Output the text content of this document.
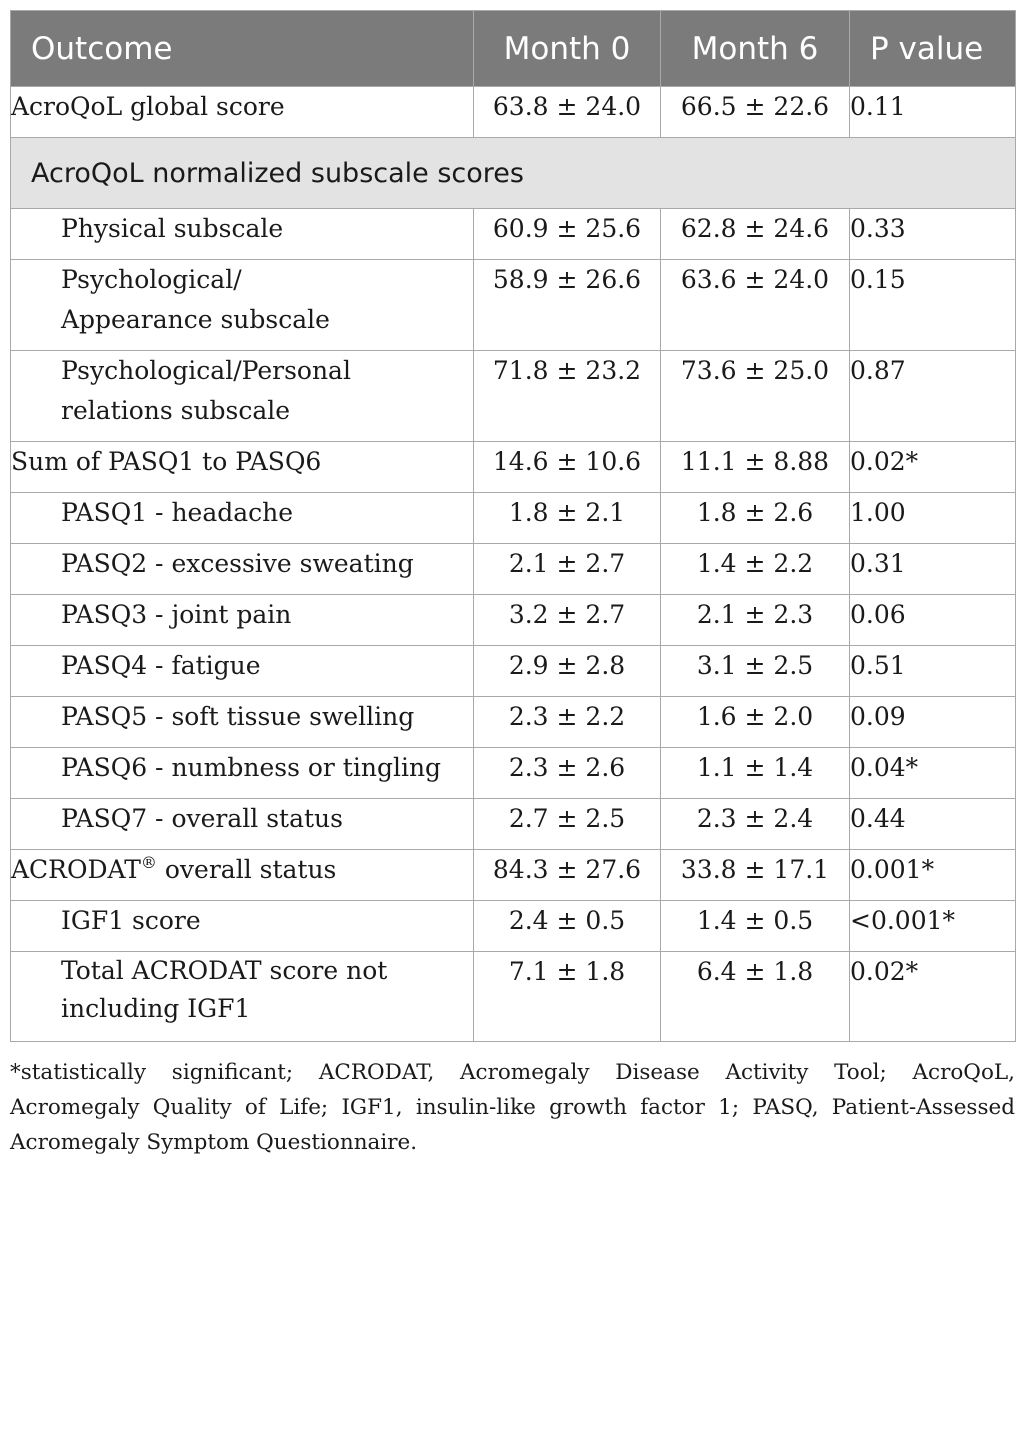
Outcome	Month 0	Month 6	P value
AcroQoL global score	63.8 ± 24.0	66.5 ± 22.6	0.11
AcroQoL normalized subscale scores			
Physical subscale	60.9 ± 25.6	62.8 ± 24.6	0.33
Psychological/
Appearance subscale	58.9 ± 26.6	63.6 ± 24.0	0.15
Psychological/Personal
relations subscale	71.8 ± 23.2	73.6 ± 25.0	0.87
Sum of PASQ1 to PASQ6	14.6 ± 10.6	11.1 ± 8.88	0.02*
PASQ1 - headache	1.8 ± 2.1	1.8 ± 2.6	1.00
PASQ2 - excessive sweating	2.1 ± 2.7	1.4 ± 2.2	0.31
PASQ3 - joint pain	3.2 ± 2.7	2.1 ± 2.3	0.06
PASQ4 - fatigue	2.9 ± 2.8	3.1 ± 2.5	0.51
PASQ5 - soft tissue swelling	2.3 ± 2.2	1.6 ± 2.0	0.09
PASQ6 - numbness or tingling	2.3 ± 2.6	1.1 ± 1.4	0.04*
PASQ7 - overall status	2.7 ± 2.5	2.3 ± 2.4	0.44
ACRODAT® overall status	84.3 ± 27.6	33.8 ± 17.1	0.001*
IGF1 score	2.4 ± 0.5	1.4 ± 0.5	<0.001*
Total ACRODAT score not
including IGF1	7.1 ± 1.8	6.4 ± 1.8	0.02*
*statistically significant; ACRODAT, Acromegaly Disease Activity Tool; AcroQoL, Acromegaly Quality of Life; IGF1, insulin-like growth factor 1; PASQ, Patient-Assessed Acromegaly Symptom Questionnaire.
